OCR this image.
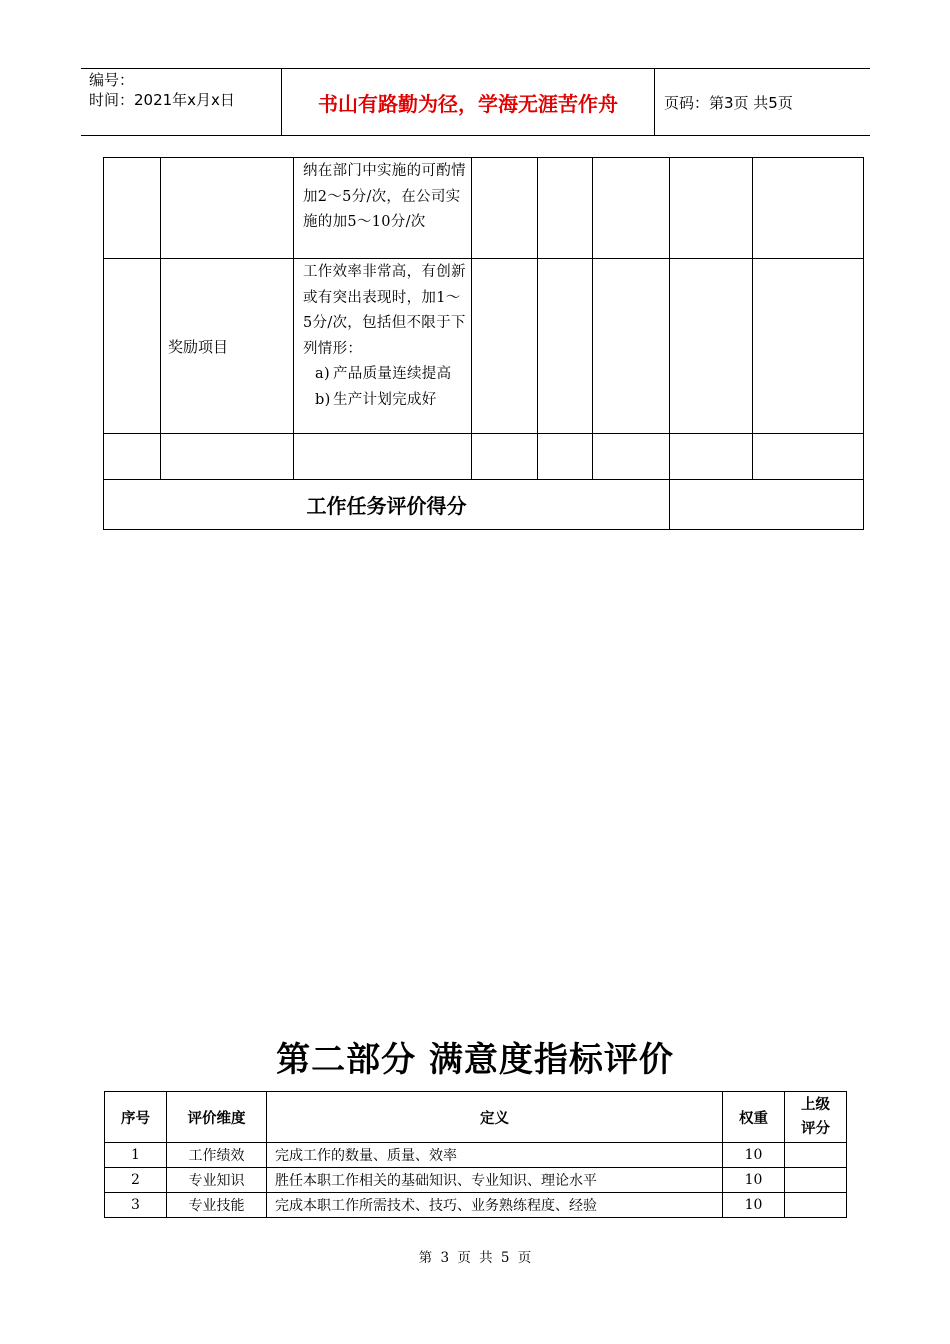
编号：
时间：2021年x月x日	书山有路勤为径，学海无涯苦作舟	页码：第3页 共5页
		纳在部门中实施的可酌情加2～5分/次，在公司实施的加5～10分/次					
	奖励项目	工作效率非常高，有创新或有突出表现时，加1～5分/次，包括但不限于下列情形：
a) 产品质量连续提高
b) 生产计划完成好					

工作任务评价得分							
第二部分 满意度指标评价
序号	评价维度	定义	权重	上级
评分

1	工作绩效	完成工作的数量、质量、效率	10	
2	专业知识	胜任本职工作相关的基础知识、专业知识、理论水平	10	
3	专业技能	完成本职工作所需技术、技巧、业务熟练程度、经验	10	
第 3 页 共 5 页
